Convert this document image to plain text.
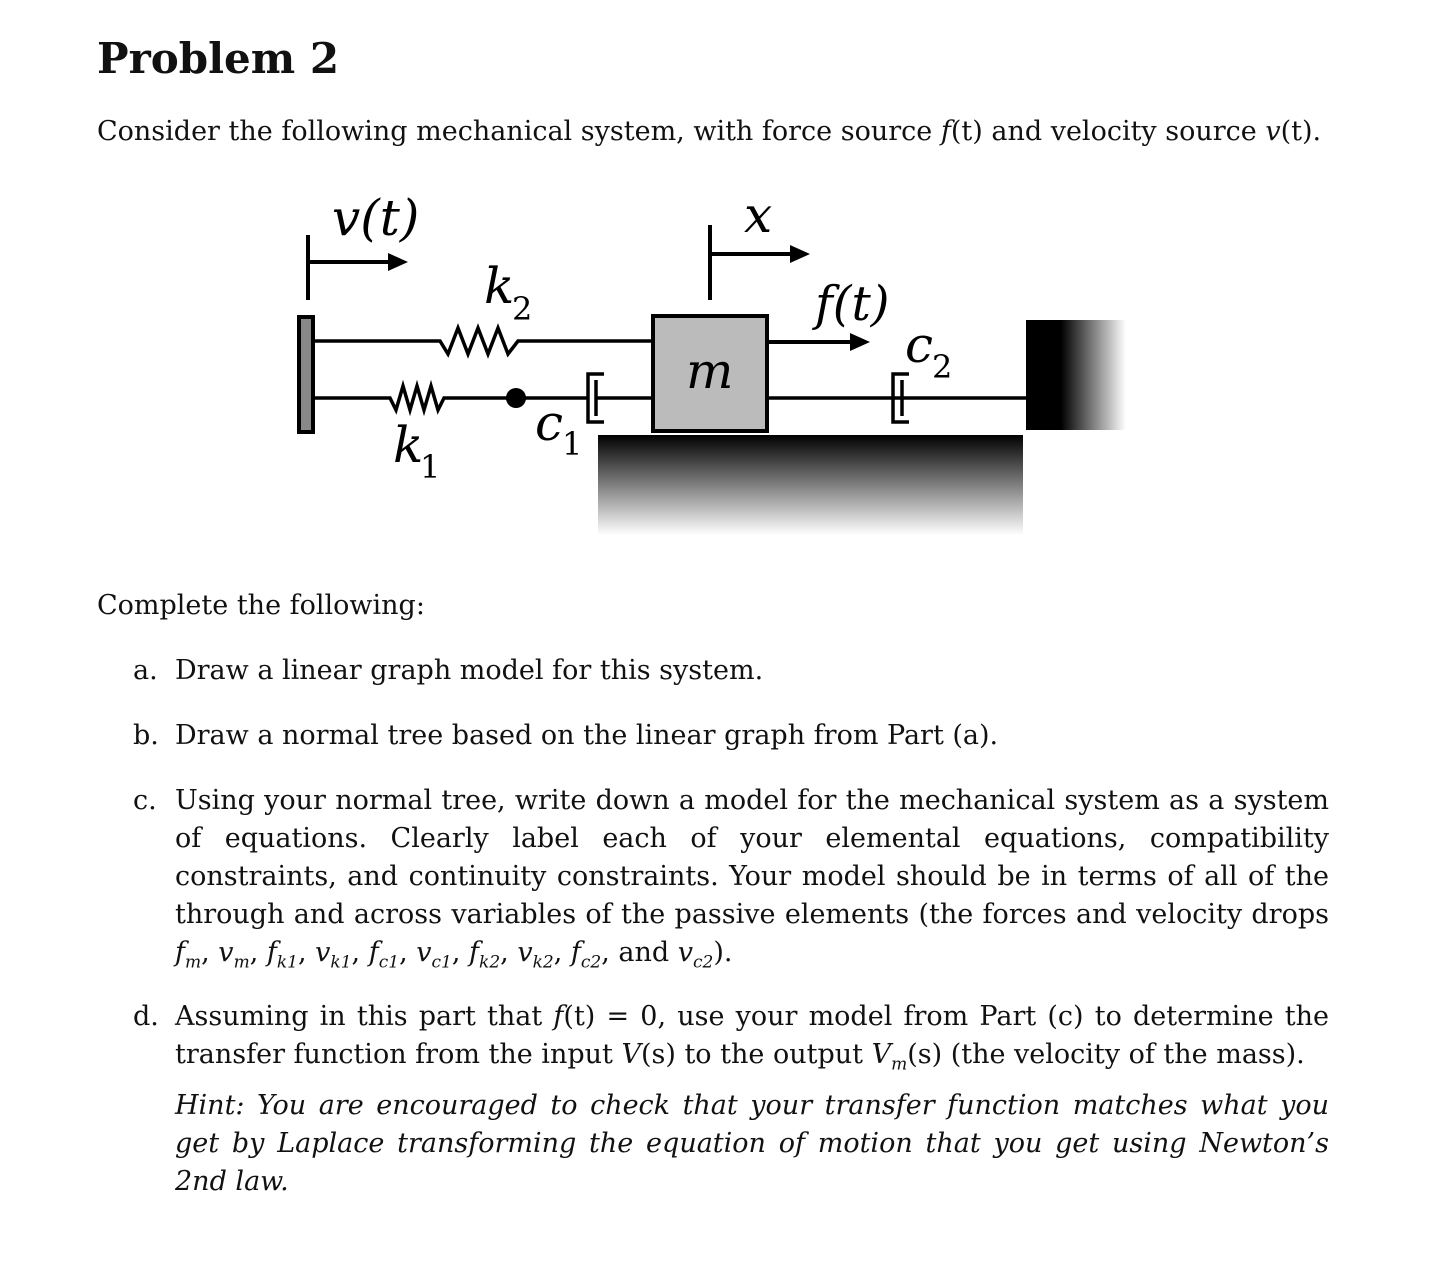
Problem 2
Consider the following mechanical system, with force source f(t) and velocity source v(t).
v(t)	x
f(t)
k
2
k
1
c
1
c
2
m
Complete the following:
a. Draw a linear graph model for this system.
b. Draw a normal tree based on the linear graph from Part (a).
c. Using your normal tree, write down a model for the mechanical system as a system of equations. Clearly label each of your elemental equations, compatibility constraints, and continuity constraints. Your model should be in terms of all of the through and across variables of the passive elements (the forces and velocity drops $f_m$, $v_m$, $f_{k1}$, $v_{k1}$, $f_{c1}$, $v_{c1}$, $f_{k2}$, $v_{k2}$, $f_{c2}$, and $v_{c2}$).
d. Assuming in this part that f(t) = 0, use your model from Part (c) to determine the transfer function from the input V(s) to the output $V_m(s)$ (the velocity of the mass).
Hint: You are encouraged to check that your transfer function matches what you get by Laplace transforming the equation of motion that you get using Newton’s 2nd law.
